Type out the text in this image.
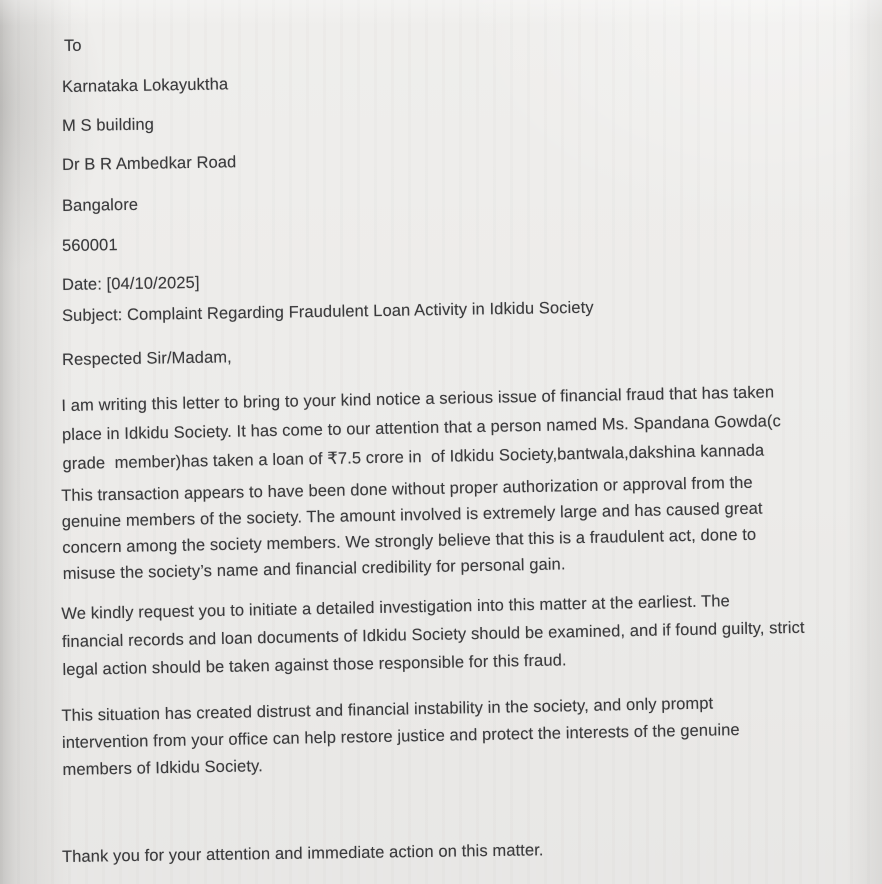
To
Karnataka Lokayuktha
M S building
Dr B R Ambedkar Road
Bangalore
560001
Date: [04/10/2025]
Subject: Complaint Regarding Fraudulent Loan Activity in Idkidu Society
Respected Sir/Madam,
I am writing this letter to bring to your kind notice a serious issue of financial fraud that has taken
place in Idkidu Society. It has come to our attention that a person named Ms. Spandana Gowda(c
grade  member)has taken a loan of ₹7.5 crore in  of Idkidu Society,bantwala,dakshina kannada
This transaction appears to have been done without proper authorization or approval from the
genuine members of the society. The amount involved is extremely large and has caused great
concern among the society members. We strongly believe that this is a fraudulent act, done to
misuse the society’s name and financial credibility for personal gain.
We kindly request you to initiate a detailed investigation into this matter at the earliest. The
financial records and loan documents of Idkidu Society should be examined, and if found guilty, strict
legal action should be taken against those responsible for this fraud.
This situation has created distrust and financial instability in the society, and only prompt
intervention from your office can help restore justice and protect the interests of the genuine
members of Idkidu Society.
Thank you for your attention and immediate action on this matter.
